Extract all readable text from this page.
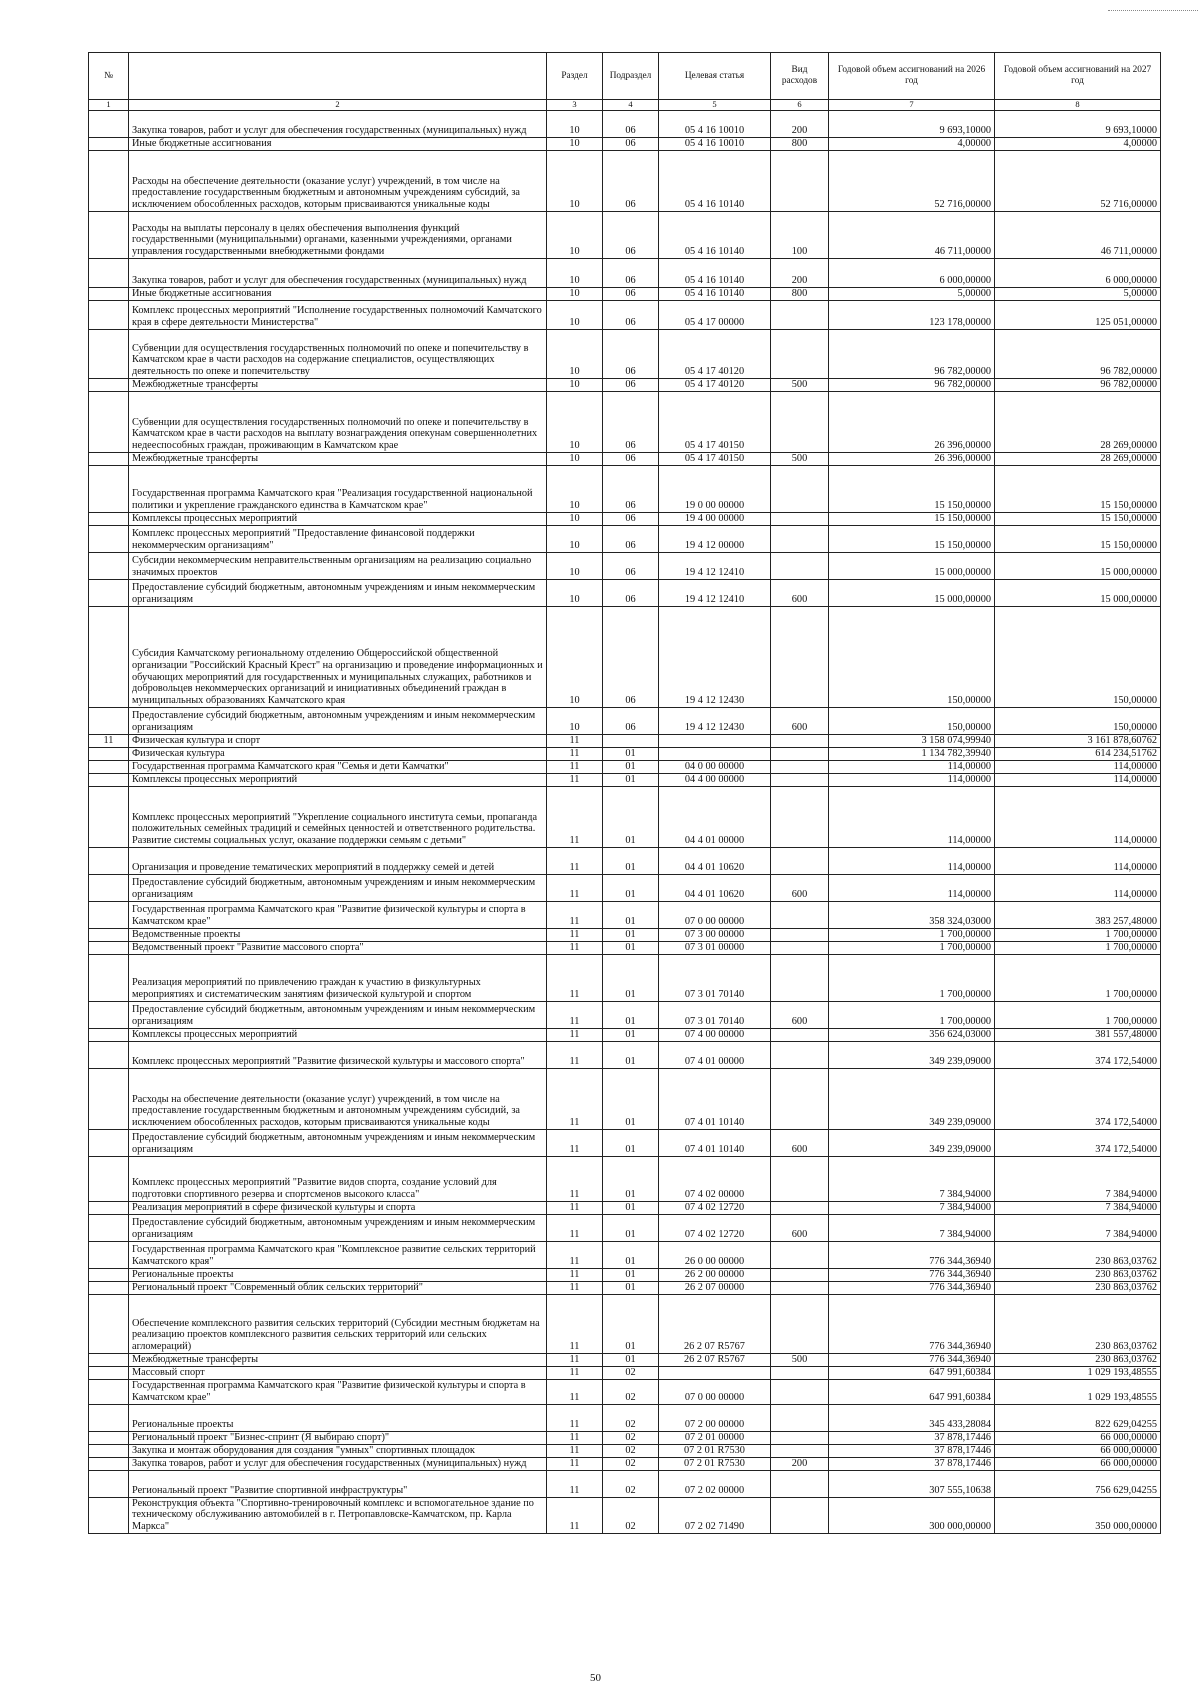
№		Раздел	Подраздел	Целевая статья	Вид расходов	Годовой объем ассигнований на 2026 год	Годовой объем ассигнований на 2027 год
1	2	3	4	5	6	7	8
	Закупка товаров, работ и услуг для обеспечения государственных (муниципальных) нужд	10	06	05 4 16 10010	200	9 693,10000	9 693,10000
	Иные бюджетные ассигнования	10	06	05 4 16 10010	800	4,00000	4,00000
	Расходы на обеспечение деятельности (оказание услуг) учреждений, в том числе на предоставление государственным бюджетным и автономным учреждениям субсидий, за исключением обособленных расходов, которым присваиваются уникальные коды	10	06	05 4 16 10140		52 716,00000	52 716,00000
	Расходы на выплаты персоналу в целях обеспечения выполнения функций государственными (муниципальными) органами, казенными учреждениями, органами управления государственными внебюджетными фондами	10	06	05 4 16 10140	100	46 711,00000	46 711,00000
	Закупка товаров, работ и услуг для обеспечения государственных (муниципальных) нужд	10	06	05 4 16 10140	200	6 000,00000	6 000,00000
	Иные бюджетные ассигнования	10	06	05 4 16 10140	800	5,00000	5,00000
	Комплекс процессных мероприятий "Исполнение государственных полномочий Камчатского края в сфере деятельности Министерства"	10	06	05 4 17 00000		123 178,00000	125 051,00000
	Субвенции для осуществления государственных полномочий по опеке и попечительству в Камчатском крае в части расходов на содержание специалистов, осуществляющих деятельность по опеке и попечительству	10	06	05 4 17 40120		96 782,00000	96 782,00000
	Межбюджетные трансферты	10	06	05 4 17 40120	500	96 782,00000	96 782,00000
	Субвенции для осуществления государственных полномочий по опеке и попечительству в Камчатском крае в части расходов на выплату вознаграждения опекунам совершеннолетних недееспособных граждан, проживающим в Камчатском крае	10	06	05 4 17 40150		26 396,00000	28 269,00000
	Межбюджетные трансферты	10	06	05 4 17 40150	500	26 396,00000	28 269,00000
	Государственная программа Камчатского края "Реализация государственной национальной политики и укрепление гражданского единства в Камчатском крае"	10	06	19 0 00 00000		15 150,00000	15 150,00000
	Комплексы процессных мероприятий	10	06	19 4 00 00000		15 150,00000	15 150,00000
	Комплекс процессных мероприятий "Предоставление финансовой поддержки некоммерческим организациям"	10	06	19 4 12 00000		15 150,00000	15 150,00000
	Субсидии некоммерческим неправительственным организациям на реализацию социально значимых проектов	10	06	19 4 12 12410		15 000,00000	15 000,00000
	Предоставление субсидий бюджетным, автономным учреждениям и иным некоммерческим организациям	10	06	19 4 12 12410	600	15 000,00000	15 000,00000
	Субсидия Камчатскому региональному отделению Общероссийской общественной организации "Российский Красный Крест" на организацию и проведение информационных и обучающих мероприятий для государственных и муниципальных служащих, работников и добровольцев некоммерческих организаций и инициативных объединений граждан в муниципальных образованиях Камчатского края	10	06	19 4 12 12430		150,00000	150,00000
	Предоставление субсидий бюджетным, автономным учреждениям и иным некоммерческим организациям	10	06	19 4 12 12430	600	150,00000	150,00000
11	Физическая культура и спорт	11				3 158 074,99940	3 161 878,60762
	Физическая культура	11	01			1 134 782,39940	614 234,51762
	Государственная программа Камчатского края "Семья и дети Камчатки"	11	01	04 0 00 00000		114,00000	114,00000
	Комплексы процессных мероприятий	11	01	04 4 00 00000		114,00000	114,00000
	Комплекс процессных мероприятий "Укрепление социального института семьи, пропаганда положительных семейных традиций и семейных ценностей и ответственного родительства. Развитие системы социальных услуг, оказание поддержки семьям с детьми"	11	01	04 4 01 00000		114,00000	114,00000
	Организация и проведение тематических мероприятий в поддержку семей и детей	11	01	04 4 01 10620		114,00000	114,00000
	Предоставление субсидий бюджетным, автономным учреждениям и иным некоммерческим организациям	11	01	04 4 01 10620	600	114,00000	114,00000
	Государственная программа Камчатского края "Развитие физической культуры и спорта в Камчатском крае"	11	01	07 0 00 00000		358 324,03000	383 257,48000
	Ведомственные проекты	11	01	07 3 00 00000		1 700,00000	1 700,00000
	Ведомственный проект "Развитие массового спорта"	11	01	07 3 01 00000		1 700,00000	1 700,00000
	Реализация мероприятий по привлечению граждан к участию в физкультурных мероприятиях и систематическим занятиям физической культурой и спортом	11	01	07 3 01 70140		1 700,00000	1 700,00000
	Предоставление субсидий бюджетным, автономным учреждениям и иным некоммерческим организациям	11	01	07 3 01 70140	600	1 700,00000	1 700,00000
	Комплексы процессных мероприятий	11	01	07 4 00 00000		356 624,03000	381 557,48000
	Комплекс процессных мероприятий "Развитие физической культуры и массового спорта"	11	01	07 4 01 00000		349 239,09000	374 172,54000
	Расходы на обеспечение деятельности (оказание услуг) учреждений, в том числе на предоставление государственным бюджетным и автономным учреждениям субсидий, за исключением обособленных расходов, которым присваиваются уникальные коды	11	01	07 4 01 10140		349 239,09000	374 172,54000
	Предоставление субсидий бюджетным, автономным учреждениям и иным некоммерческим организациям	11	01	07 4 01 10140	600	349 239,09000	374 172,54000
	Комплекс процессных мероприятий "Развитие видов спорта, создание условий для подготовки спортивного резерва и спортсменов высокого класса"	11	01	07 4 02 00000		7 384,94000	7 384,94000
	Реализация мероприятий в сфере физической культуры и спорта	11	01	07 4 02 12720		7 384,94000	7 384,94000
	Предоставление субсидий бюджетным, автономным учреждениям и иным некоммерческим организациям	11	01	07 4 02 12720	600	7 384,94000	7 384,94000
	Государственная программа Камчатского края "Комплексное развитие сельских территорий Камчатского края"	11	01	26 0 00 00000		776 344,36940	230 863,03762
	Региональные проекты	11	01	26 2 00 00000		776 344,36940	230 863,03762
	Региональный проект "Современный облик сельских территорий"	11	01	26 2 07 00000		776 344,36940	230 863,03762
	Обеспечение комплексного развития сельских территорий (Субсидии местным бюджетам на реализацию проектов комплексного развития сельских территорий или сельских агломераций)	11	01	26 2 07 R5767		776 344,36940	230 863,03762
	Межбюджетные трансферты	11	01	26 2 07 R5767	500	776 344,36940	230 863,03762
	Массовый спорт	11	02			647 991,60384	1 029 193,48555
	Государственная программа Камчатского края "Развитие физической культуры и спорта в Камчатском крае"	11	02	07 0 00 00000		647 991,60384	1 029 193,48555
	Региональные проекты	11	02	07 2 00 00000		345 433,28084	822 629,04255
	Региональный проект "Бизнес-спринт (Я выбираю спорт)"	11	02	07 2 01 00000		37 878,17446	66 000,00000
	Закупка и монтаж оборудования для создания "умных" спортивных площадок	11	02	07 2 01 R7530		37 878,17446	66 000,00000
	Закупка товаров, работ и услуг для обеспечения государственных (муниципальных) нужд	11	02	07 2 01 R7530	200	37 878,17446	66 000,00000
	Региональный проект "Развитие спортивной инфраструктуры"	11	02	07 2 02 00000		307 555,10638	756 629,04255
	Реконструкция объекта "Спортивно-тренировочный комплекс и вспомогательное здание по техническому обслуживанию автомобилей в г. Петропавловске-Камчатском, пр. Карла Маркса"	11	02	07 2 02 71490		300 000,00000	350 000,00000
50
